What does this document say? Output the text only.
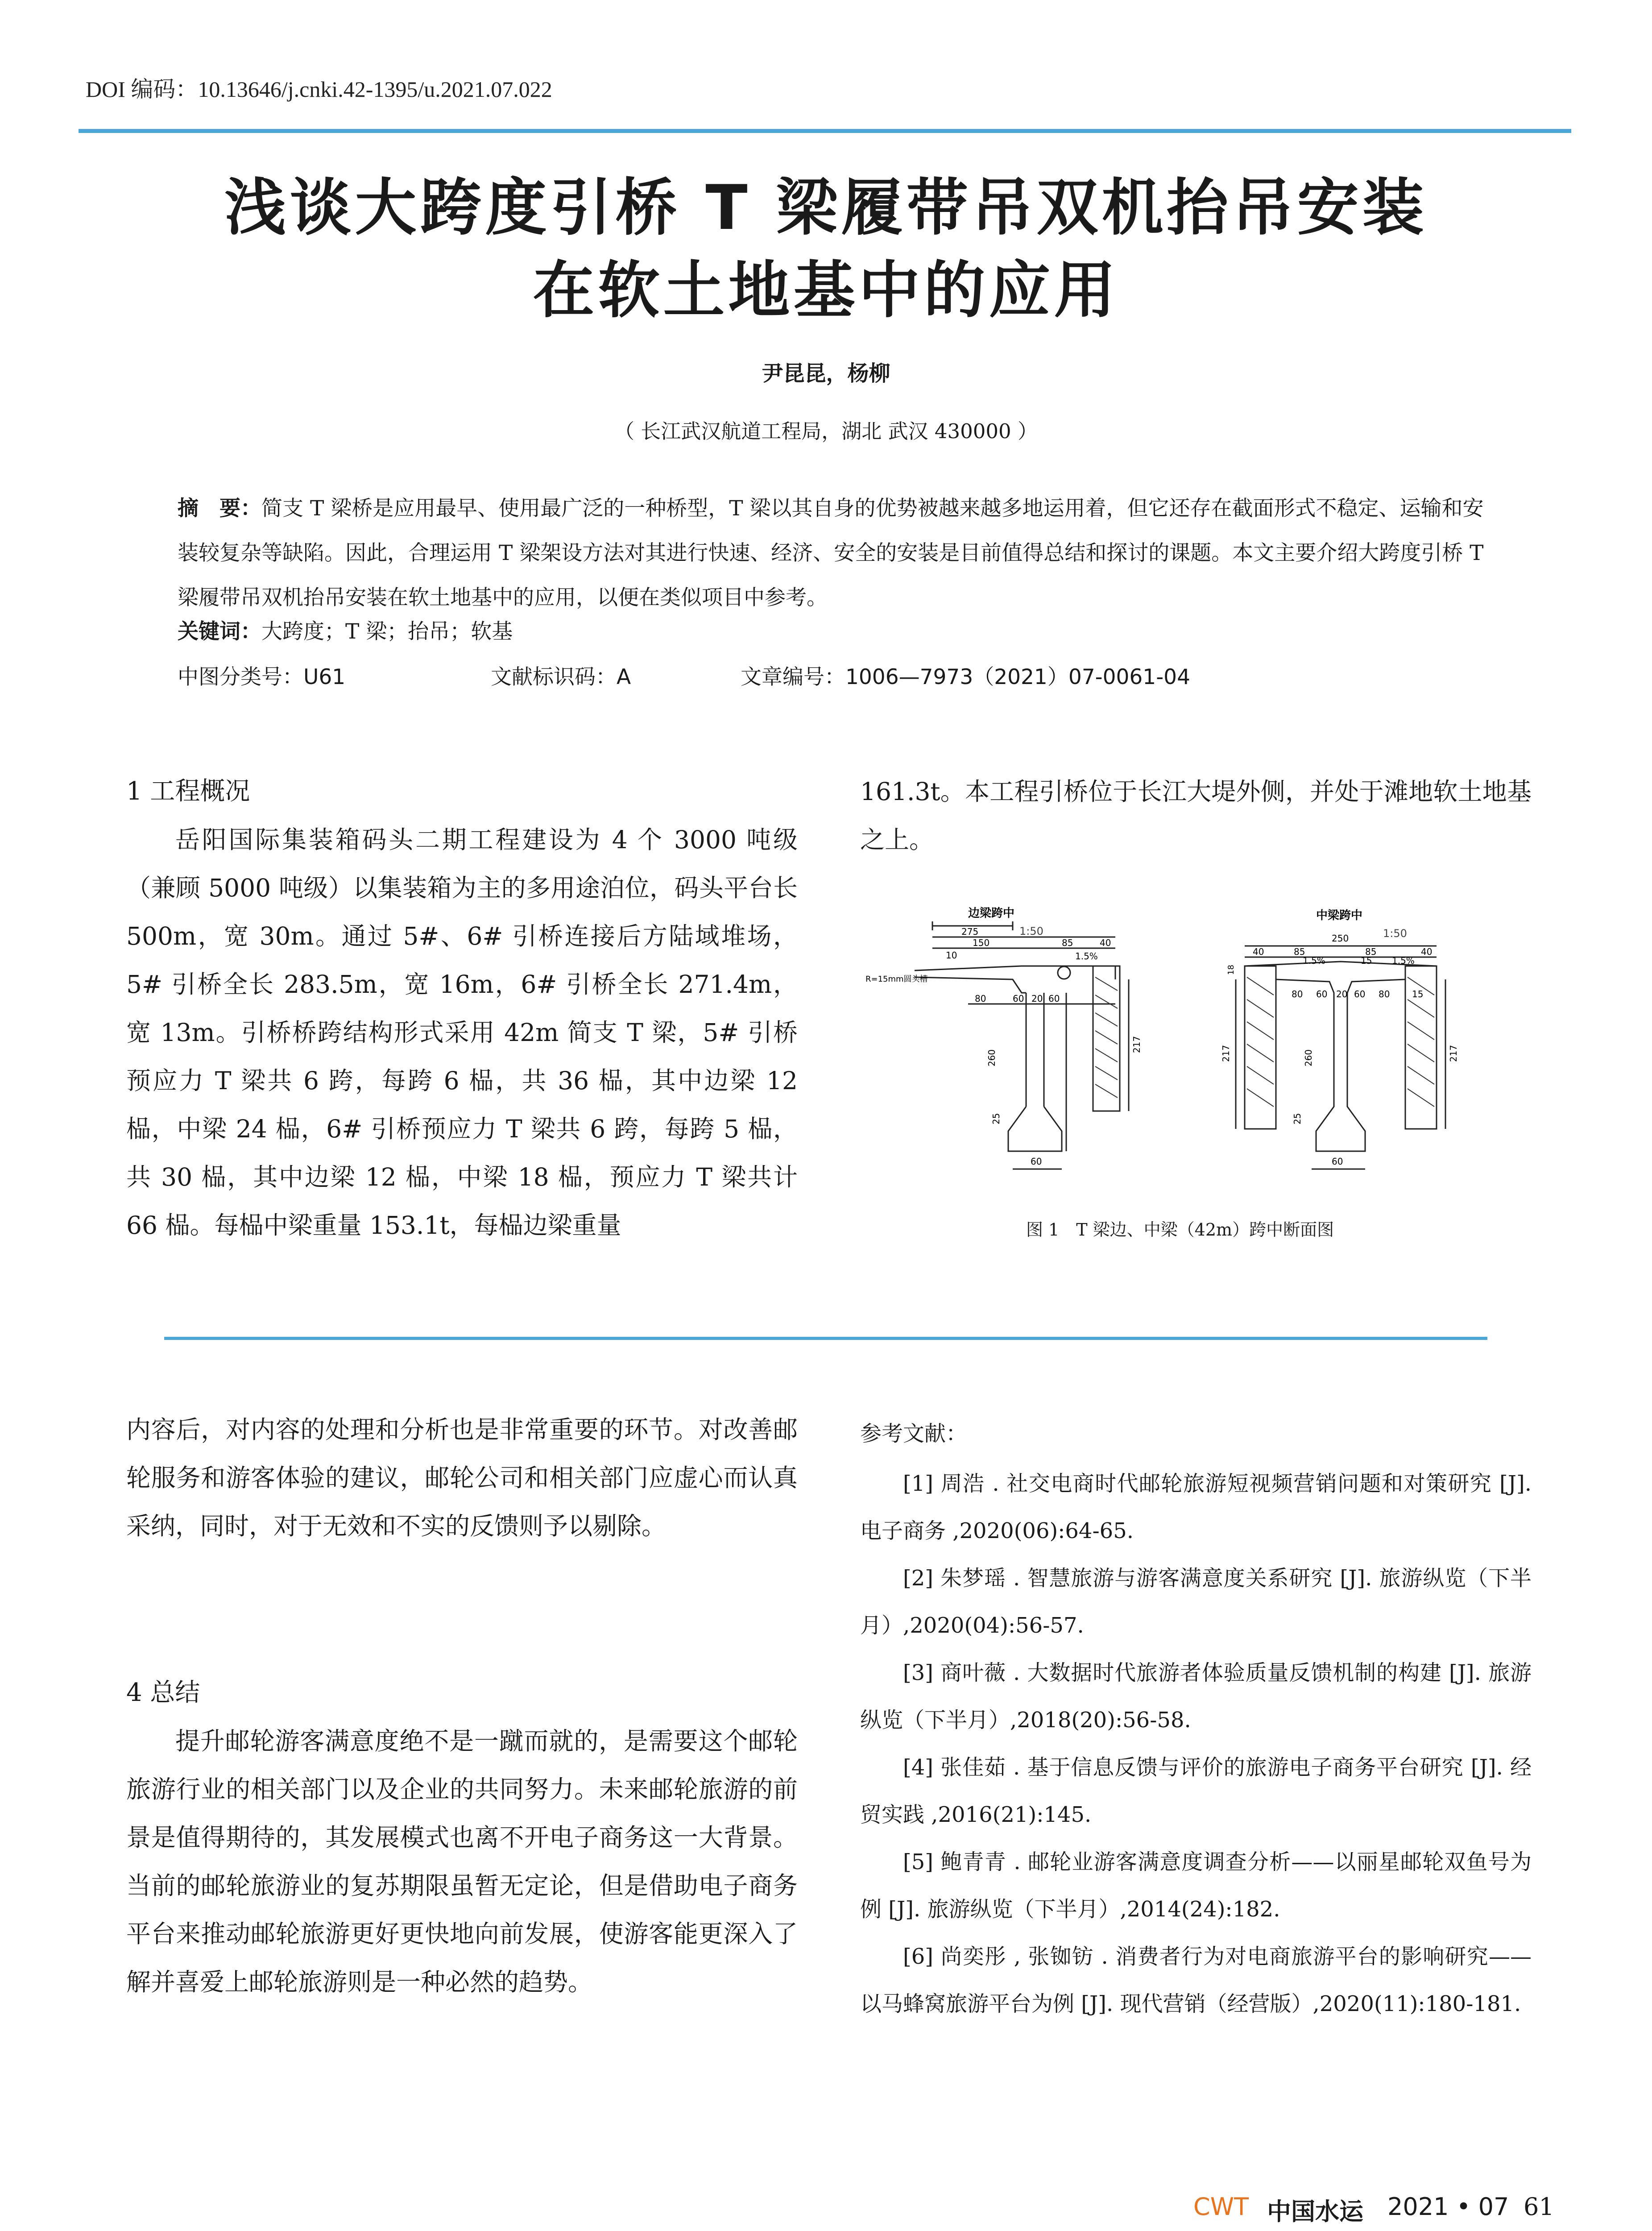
DOI 编码：10.13646/j.cnki.42-1395/u.2021.07.022
浅谈大跨度引桥 T 梁履带吊双机抬吊安装
在软土地基中的应用
尹昆昆，杨柳
（ 长江武汉航道工程局，湖北 武汉 430000 ）
摘　要：简支 T 梁桥是应用最早、使用最广泛的一种桥型，T 梁以其自身的优势被越来越多地运用着，但它还存在截面形式不稳定、运输和安装较复杂等缺陷。因此，合理运用 T 梁架设方法对其进行快速、经济、安全的安装是目前值得总结和探讨的课题。本文主要介绍大跨度引桥 T 梁履带吊双机抬吊安装在软土地基中的应用，以便在类似项目中参考。
关键词：大跨度；T 梁；抬吊；软基
中图分类号：U61	文献标识码：A	文章编号：1006—7973（2021）07-0061-04

1 工程概况

岳阳国际集装箱码头二期工程建设为 4 个 3000 吨级（兼顾 5000 吨级）以集装箱为主的多用途泊位，码头平台长 500m，宽 30m。通过 5#、6# 引桥连接后方陆域堆场，5# 引桥全长 283.5m，宽 16m，6# 引桥全长 271.4m，宽 13m。引桥桥跨结构形式采用 42m 简支 T 梁，5# 引桥预应力 T 梁共 6 跨，每跨 6 榀，共 36 榀，其中边梁 12 榀，中梁 24 榀，6# 引桥预应力 T 梁共 6 跨，每跨 5 榀，共 30 榀，其中边梁 12 榀，中梁 18 榀，预应力 T 梁共计 66 榀。每榀中梁重量 153.1t，每榀边梁重量

161.3t。本工程引桥位于长江大堤外侧，并处于滩地软土地基之上。

边梁跨中
1:50
275
150	85	40
10	1.5%
80	60 20 60
260
217
25
60
R=15mm圆头槽
中梁跨中
1:50
250
40	85	85	40
15
1.5%	1.5%
18
80 60 20 60 80 15
217	260	217
25
60
图 1　T 梁边、中梁（42m）跨中断面图

内容后，对内容的处理和分析也是非常重要的环节。对改善邮轮服务和游客体验的建议，邮轮公司和相关部门应虚心而认真采纳，同时，对于无效和不实的反馈则予以剔除。

4 总结

提升邮轮游客满意度绝不是一蹴而就的，是需要这个邮轮旅游行业的相关部门以及企业的共同努力。未来邮轮旅游的前景是值得期待的，其发展模式也离不开电子商务这一大背景。当前的邮轮旅游业的复苏期限虽暂无定论，但是借助电子商务平台来推动邮轮旅游更好更快地向前发展，使游客能更深入了解并喜爱上邮轮旅游则是一种必然的趋势。

参考文献：

[1] 周浩 . 社交电商时代邮轮旅游短视频营销问题和对策研究 [J]. 电子商务 ,2020(06):64-65.

[2] 朱梦瑶 . 智慧旅游与游客满意度关系研究 [J]. 旅游纵览（下半月）,2020(04):56-57.

[3] 商叶薇 . 大数据时代旅游者体验质量反馈机制的构建 [J]. 旅游纵览（下半月）,2018(20):56-58.

[4] 张佳茹 . 基于信息反馈与评价的旅游电子商务平台研究 [J]. 经贸实践 ,2016(21):145.

[5] 鲍青青 . 邮轮业游客满意度调查分析——以丽星邮轮双鱼号为例 [J]. 旅游纵览（下半月）,2014(24):182.

[6] 尚奕彤 , 张铷钫 . 消费者行为对电商旅游平台的影响研究——以马蜂窝旅游平台为例 [J]. 现代营销（经营版）,2020(11):180-181.

CWT 中国水运 2021 • 07 61
